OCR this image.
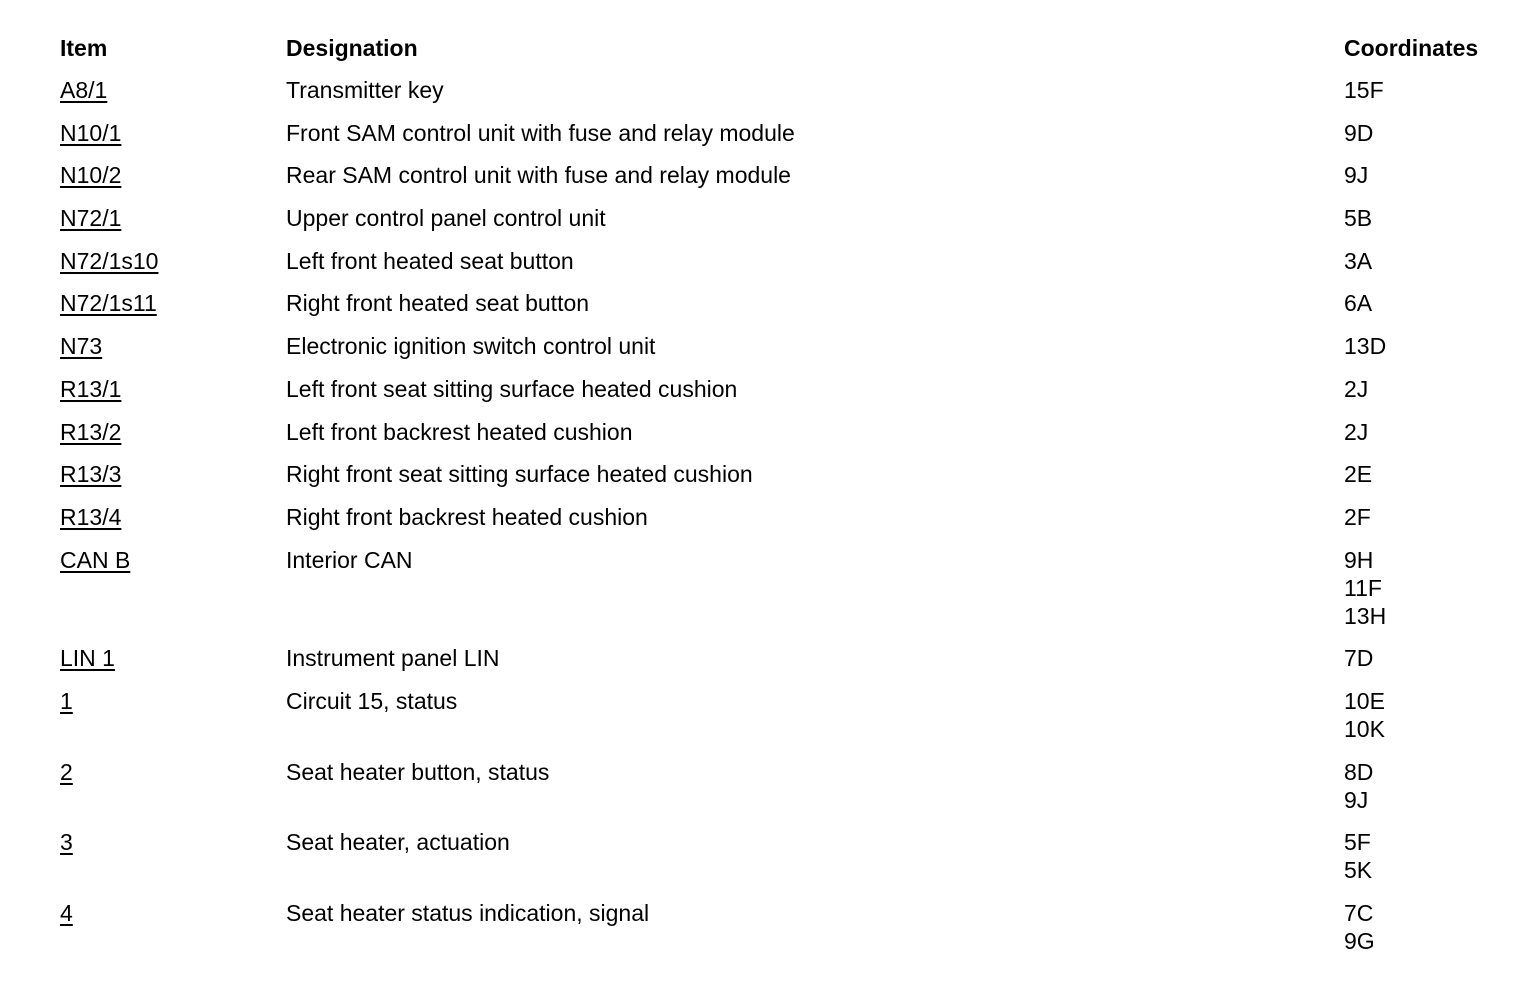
Item	Designation	Coordinates
A8/1	Transmitter key	15F

N10/1	Front SAM control unit with fuse and relay module	9D

N10/2	Rear SAM control unit with fuse and relay module	9J

N72/1	Upper control panel control unit	5B

N72/1s10	Left front heated seat button	3A

N72/1s11	Right front heated seat button	6A

N73	Electronic ignition switch control unit	13D

R13/1	Left front seat sitting surface heated cushion	2J

R13/2	Left front backrest heated cushion	2J

R13/3	Right front seat sitting surface heated cushion	2E

R13/4	Right front backrest heated cushion	2F

CAN B	Interior CAN	9H
11F
13H

LIN 1	Instrument panel LIN	7D

1	Circuit 15, status	10E
10K

2	Seat heater button, status	8D
9J

3	Seat heater, actuation	5F
5K

4	Seat heater status indication, signal	7C
9G
